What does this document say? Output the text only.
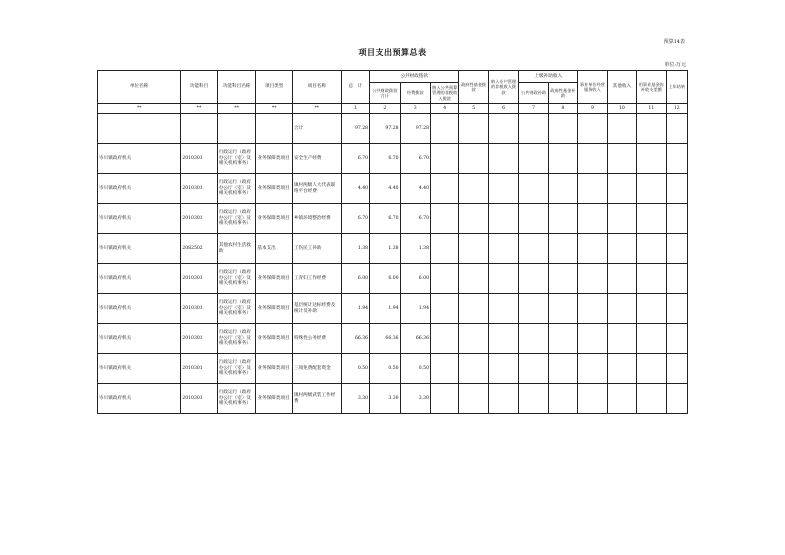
预算14表
项目支出预算总表
单位:万元
单位名称	功能科目	功能科目名称	项目类型	项目名称	总　计	公共财政拨款			政府性基金拨款	纳入专户管理的非税收入拨款	上级补助收入		事业单位经营服务收入	其他收入	用事业基金弥补收支差额	上年结转
						公共财政拨款合计	经费拨款	纳入公共预算管理的非税收入拨款			公共财政补助	政府性基金补助				

**	**	**	**	**	1	2	3	4	5	6	7	8	9	10	11	12
				合计	97.28	97.28	97.28									
岑川镇政府机关	2010301	行政运行（政府办公厅（室）及相关机构事务）	业务保障类项目	安全生产经费	6.70	6.70	6.70									
岑川镇政府机关	2010301	行政运行（政府办公厅（室）及相关机构事务）	业务保障类项目	镇村两级人大代表联络平台经费	4.40	4.40	4.40									
岑川镇政府机关	2010301	行政运行（政府办公厅（室）及相关机构事务）	业务保障类项目	乡镇环境整治经费	6.70	6.70	6.70									
岑川镇政府机关	2082502	其他农村生活救助	基本支出	工伤民工补助	1.38	1.38	1.38									
岑川镇政府机关	2010301	行政运行（政府办公厅（室）及相关机构事务）	业务保障类项目	工青妇工作经费	6.00	6.00	6.00									
岑川镇政府机关	2010301	行政运行（政府办公厅（室）及相关机构事务）	业务保障类项目	基层统计达标经费及统计员补助	1.94	1.94	1.94									
岑川镇政府机关	2010301	行政运行（政府办公厅（室）及相关机构事务）	业务保障类项目	特殊性公务经费	66.36	66.36	66.36									
岑川镇政府机关	2010301	行政运行（政府办公厅（室）及相关机构事务）	业务保障类项目	三项免费配套资金	0.50	0.50	0.50									
岑川镇政府机关	2010301	行政运行（政府办公厅（室）及相关机构事务）	业务保障类项目	镇村两级武装工作经费	3.30	3.30	3.30									
